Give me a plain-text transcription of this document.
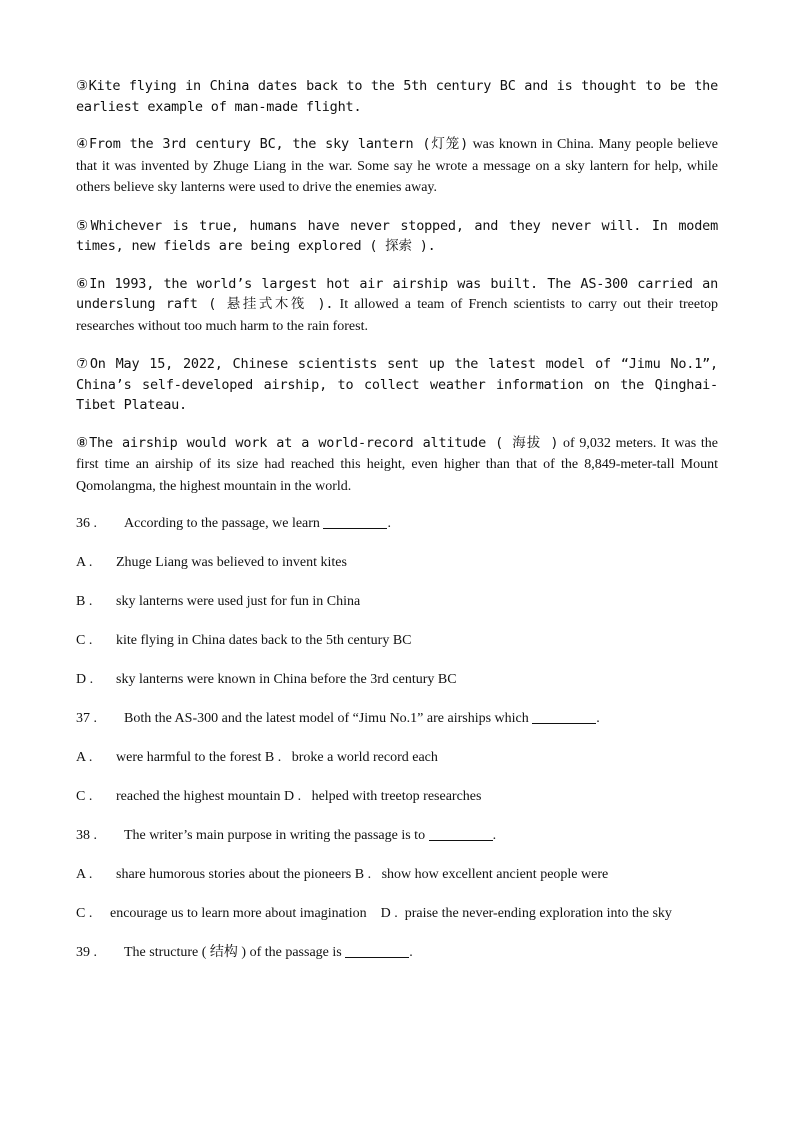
③Kite flying in China dates back to the 5th century BC and is thought to be the earliest example of man-made flight.

④From the 3rd century BC, the sky lantern (灯笼) was known in China. Many people believe that it was invented by Zhuge Liang in the war. Some say he wrote a message on a sky lantern for help, while others believe sky lanterns were used to drive the enemies away.

⑤Whichever is true, humans have never stopped, and they never will. In modem times, new fields are being explored ( 探索 ).

⑥In 1993, the world’s largest hot air airship was built. The AS-300 carried an underslung raft ( 悬挂式木筏 ). It allowed a team of French scientists to carry out their treetop researches without too much harm to the rain forest.

⑦On May 15, 2022, Chinese scientists sent up the latest model of “Jimu No.1”, China’s self-developed airship, to collect weather information on the Qinghai-Tibet Plateau.

⑧The airship would work at a world-record altitude ( 海拔 ) of 9,032 meters. It was the first time an airship of its size had reached this height, even higher than that of the 8,849-meter-tall Mount Qomolangma, the highest mountain in the world.

36 . According to the passage, we learn	.

A . Zhuge Liang was believed to invent kites

B . sky lanterns were used just for fun in China

C . kite flying in China dates back to the 5th century BC

D . sky lanterns were known in China before the 3rd century BC

37 . Both the AS-300 and the latest model of “Jimu No.1” are airships which	.

A . were harmful to the forest B . broke a world record each

C . reached the highest mountain D . helped with treetop researches

38 . The writer’s main purpose in writing the passage is to	.

A . share humorous stories about the pioneers B . show how excellent ancient people were

C . encourage us to learn more about imagination D . praise the never-ending exploration into the sky

39 . The structure ( 结构 ) of the passage is	.
